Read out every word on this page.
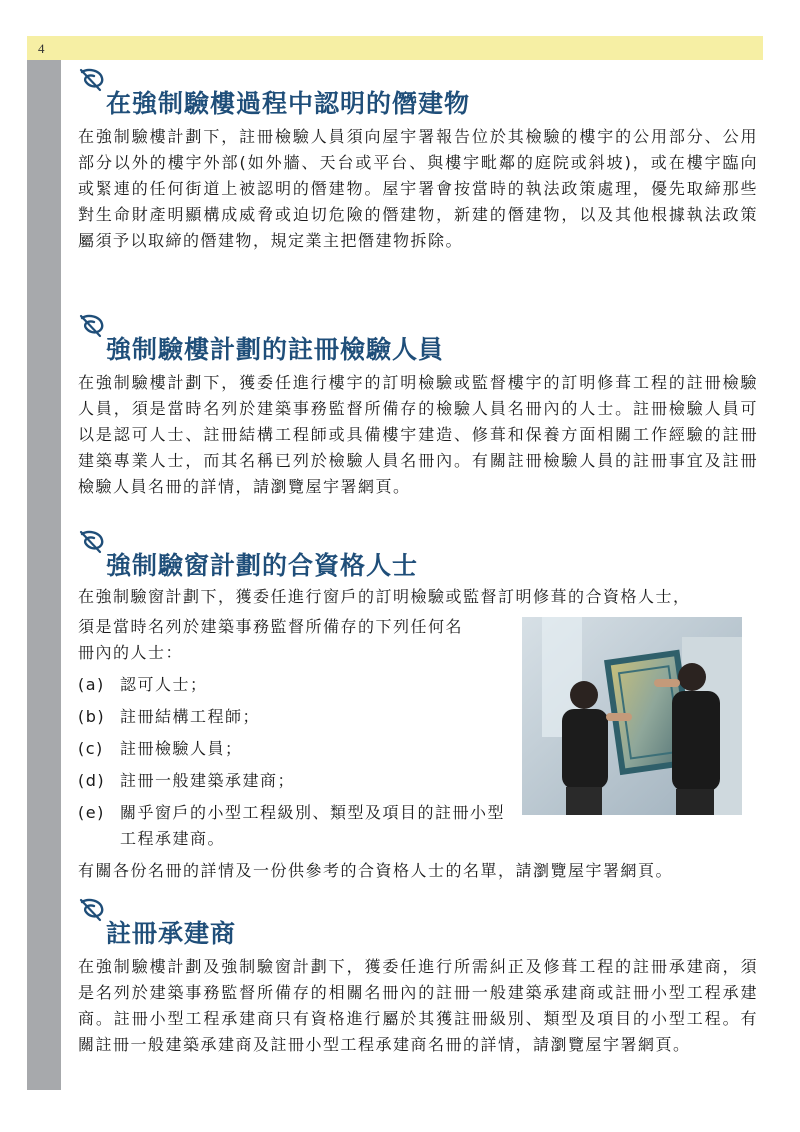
4
在強制驗樓過程中認明的僭建物

在強制驗樓計劃下，註冊檢驗人員須向屋宇署報告位於其檢驗的樓宇的公用部分、公用部分以外的樓宇外部(如外牆、天台或平台、與樓宇毗鄰的庭院或斜坡)，或在樓宇臨向或緊連的任何街道上被認明的僭建物。屋宇署會按當時的執法政策處理，優先取締那些對生命財產明顯構成威脅或迫切危險的僭建物，新建的僭建物，以及其他根據執法政策屬須予以取締的僭建物，規定業主把僭建物拆除。

強制驗樓計劃的註冊檢驗人員

在強制驗樓計劃下，獲委任進行樓宇的訂明檢驗或監督樓宇的訂明修葺工程的註冊檢驗人員，須是當時名列於建築事務監督所備存的檢驗人員名冊內的人士。註冊檢驗人員可以是認可人士、註冊結構工程師或具備樓宇建造、修葺和保養方面相關工作經驗的註冊建築專業人士，而其名稱已列於檢驗人員名冊內。有關註冊檢驗人員的註冊事宜及註冊檢驗人員名冊的詳情，請瀏覽屋宇署網頁。

強制驗窗計劃的合資格人士

在強制驗窗計劃下，獲委任進行窗戶的訂明檢驗或監督訂明修葺的合資格人士，

須是當時名列於建築事務監督所備存的下列任何名

冊內的人士：

(a) 認可人士；
(b) 註冊結構工程師；
(c) 註冊檢驗人員；
(d) 註冊一般建築承建商；
(e) 關乎窗戶的小型工程級別、類型及項目的註冊小型工程承建商。

有關各份名冊的詳情及一份供參考的合資格人士的名單，請瀏覽屋宇署網頁。

註冊承建商

在強制驗樓計劃及強制驗窗計劃下，獲委任進行所需糾正及修葺工程的註冊承建商，須是名列於建築事務監督所備存的相關名冊內的註冊一般建築承建商或註冊小型工程承建商。註冊小型工程承建商只有資格進行屬於其獲註冊級別、類型及項目的小型工程。有關註冊一般建築承建商及註冊小型工程承建商名冊的詳情，請瀏覽屋宇署網頁。
